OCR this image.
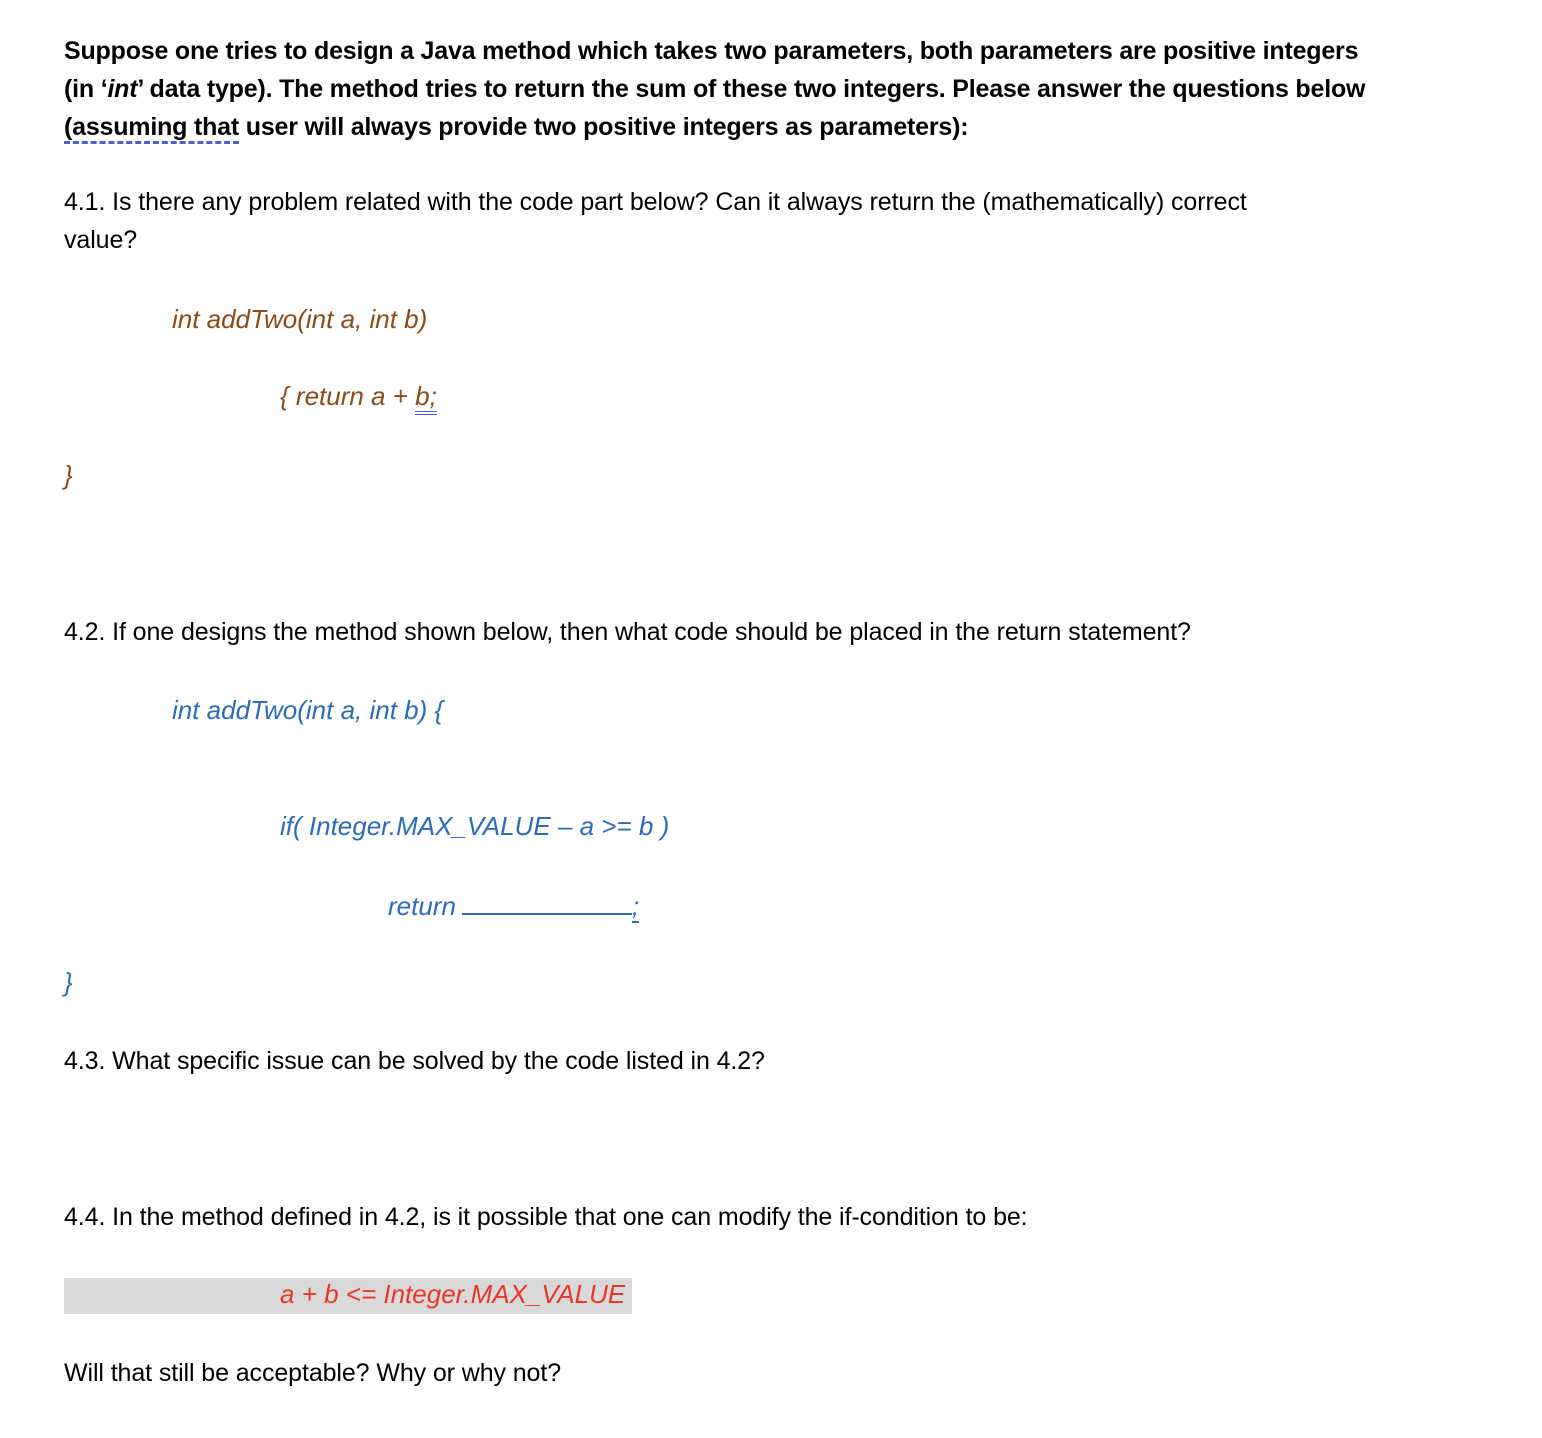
Suppose one tries to design a Java method which takes two parameters, both parameters are positive integers
(in ‘int’ data type). The method tries to return the sum of these two integers. Please answer the questions below
(assuming that user will always provide two positive integers as parameters):
4.1. Is there any problem related with the code part below? Can it always return the (mathematically) correct
value?
int addTwo(int a, int b)
{ return a + b;
}
4.2. If one designs the method shown below, then what code should be placed in the return statement?
int addTwo(int a, int b) {
if( Integer.MAX_VALUE – a >= b )
return	;
}
4.3. What specific issue can be solved by the code listed in 4.2?
4.4. In the method defined in 4.2, is it possible that one can modify the if-condition to be:
a + b <= Integer.MAX_VALUE
Will that still be acceptable? Why or why not?
